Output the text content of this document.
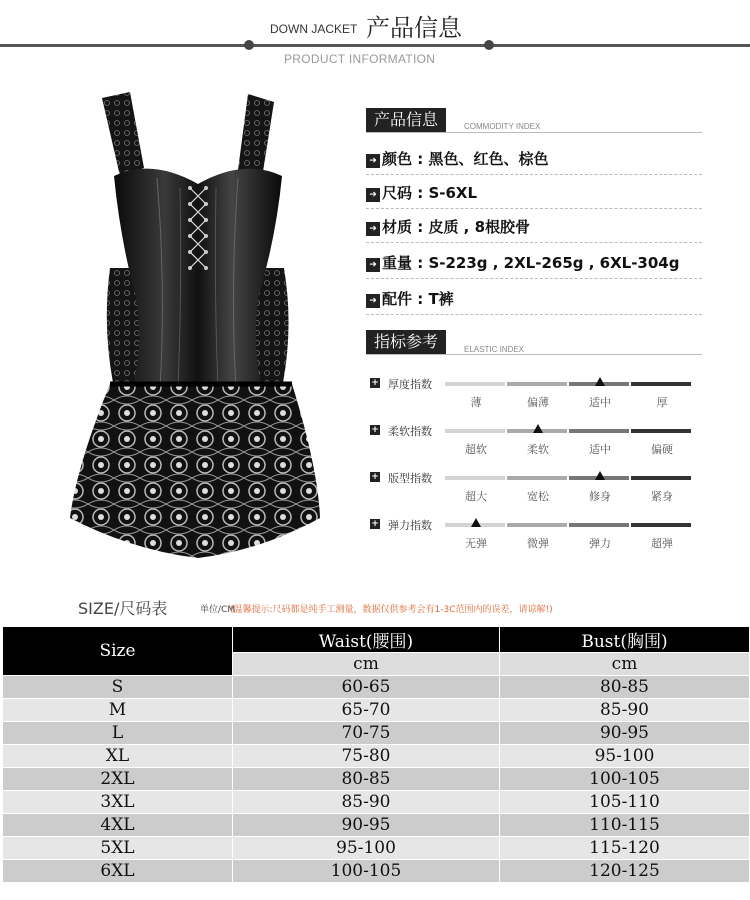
DOWN JACKET 产品信息
PRODUCT INFORMATION
产品信息	COMMODITY INDEX
➜ 颜色 : 黑色、红色、棕色
➜ 尺码 : S-6XL
➜ 材质 : 皮质 , 8根胶骨
➜ 重量 : S-223g , 2XL-265g , 6XL-304g
➜ 配件 : T裤
指标参考	ELASTIC INDEX
+ 厚度指数
薄	偏薄	适中	厚
+ 柔软指数
超软	柔软	适中	偏硬
+ 版型指数
超大	宽松	修身	紧身
+ 弹力指数
无弹	微弹	弹力	超弹
SIZE/尺码表	单位/CM
(温馨提示:尺码都是纯手工测量，数据仅供参考会有1-3C范围内的误差，请谅解!)
Size	Waist(腰围)	Bust(胸围)
	cm	cm
S	60-65	80-85
M	65-70	85-90
L	70-75	90-95
XL	75-80	95-100
2XL	80-85	100-105
3XL	85-90	105-110
4XL	90-95	110-115
5XL	95-100	115-120
6XL	100-105	120-125
